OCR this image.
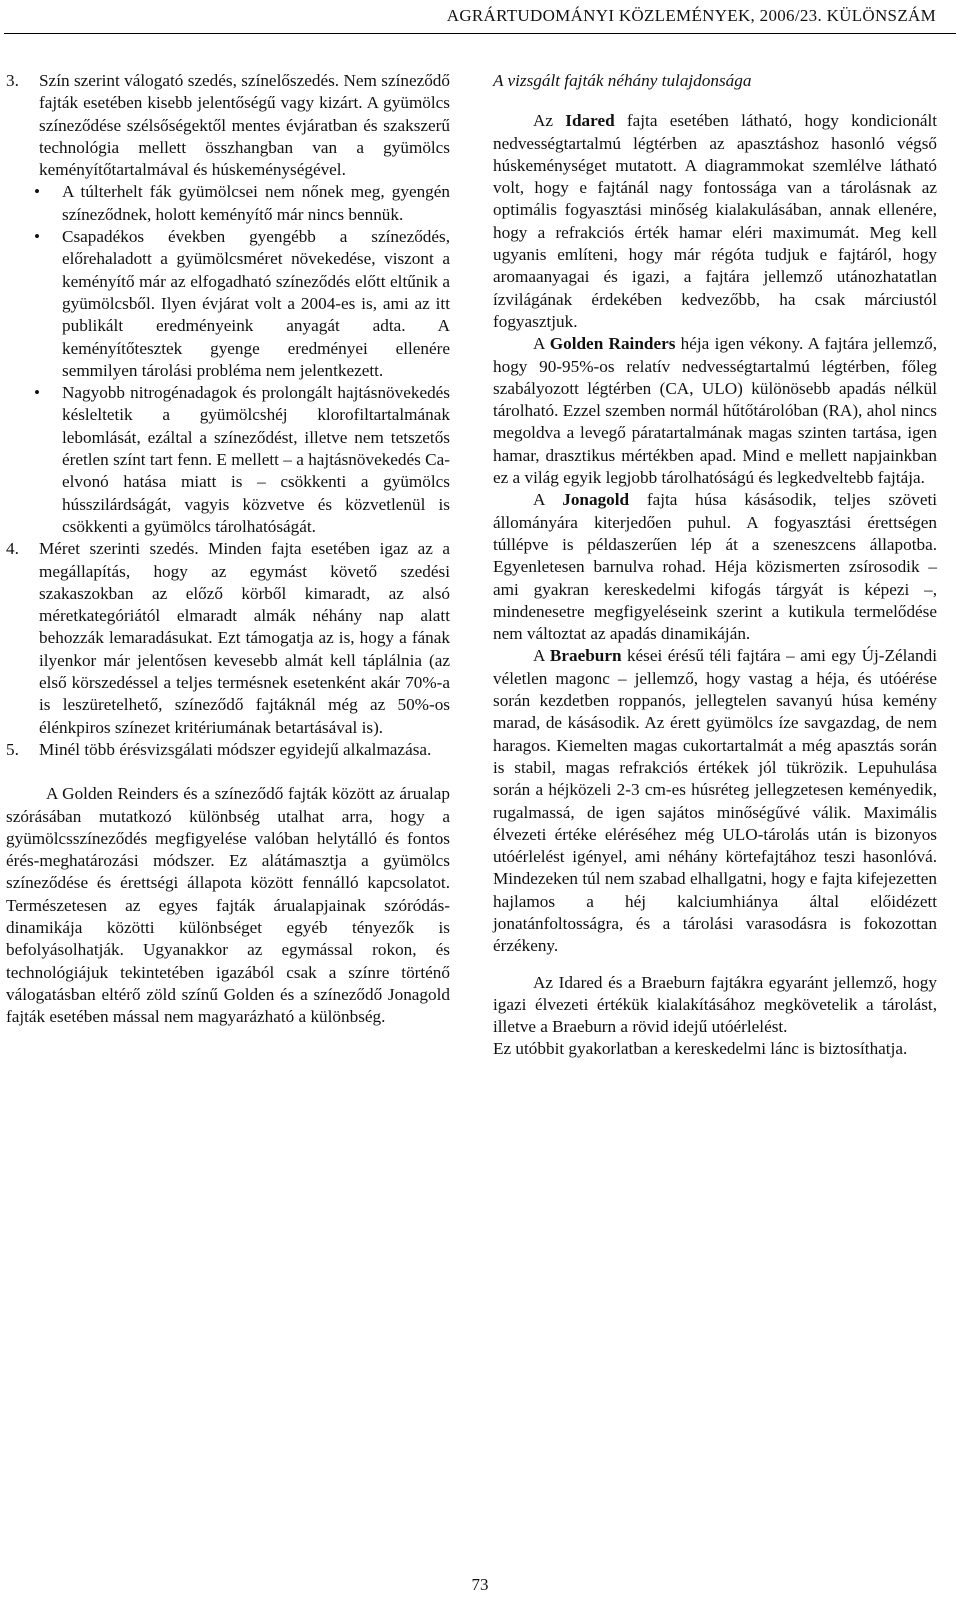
AGRÁRTUDOMÁNYI KÖZLEMÉNYEK, 2006/23. KÜLÖNSZÁM

3. Szín szerint válogató szedés, színelőszedés. Nem színeződő fajták esetében kisebb jelentőségű vagy kizárt. A gyümölcs színeződése szélsőségektől mentes évjáratban és szakszerű technológia mellett összhangban van a gyümölcs keményítőtartalmával és húskeménységével.

• A túlterhelt fák gyümölcsei nem nőnek meg, gyengén színeződnek, holott keményítő már nincs bennük.

• Csapadékos években gyengébb a színeződés, előrehaladott a gyümölcsméret növekedése, viszont a keményítő már az elfogadható színeződés előtt eltűnik a gyümölcsből. Ilyen évjárat volt a 2004-es is, ami az itt publikált eredményeink anyagát adta. A keményítőtesztek gyenge eredményei ellenére semmilyen tárolási probléma nem jelentkezett.

• Nagyobb nitrogénadagok és prolongált hajtásnövekedés késleltetik a gyümölcshéj klorofiltartalmának lebomlását, ezáltal a színeződést, illetve nem tetszetős éretlen színt tart fenn. E mellett – a hajtásnövekedés Ca-elvonó hatása miatt is – csökkenti a gyümölcs hússzilárdságát, vagyis közvetve és közvetlenül is csökkenti a gyümölcs tárolhatóságát.

4. Méret szerinti szedés. Minden fajta esetében igaz az a megállapítás, hogy az egymást követő szedési szakaszokban az előző körből kimaradt, az alsó méretkategóriától elmaradt almák néhány nap alatt behozzák lemaradásukat. Ezt támogatja az is, hogy a fának ilyenkor már jelentősen kevesebb almát kell táplálnia (az első körszedéssel a teljes termésnek esetenként akár 70%-a is leszüretelhető, színeződő fajtáknál még az 50%-os élénkpiros színezet kritériumának betartásával is).

5. Minél több érésvizsgálati módszer egyidejű alkalmazása.

A Golden Reinders és a színeződő fajták között az árualap szórásában mutatkozó különbség utalhat arra, hogy a gyümölcsszíneződés megfigyelése valóban helytálló és fontos érés-meghatározási módszer. Ez alátámasztja a gyümölcs színeződése és érettségi állapota között fennálló kapcsolatot. Természetesen az egyes fajták árualapjainak szóródás-dinamikája közötti különbséget egyéb tényezők is befolyásolhatják. Ugyanakkor az egymással rokon, és technológiájuk tekintetében igazából csak a színre történő válogatásban eltérő zöld színű Golden és a színeződő Jonagold fajták esetében mással nem magyarázható a különbség.

A vizsgált fajták néhány tulajdonsága

Az Idared fajta esetében látható, hogy kondicionált nedvességtartalmú légtérben az apasztáshoz hasonló végső húskeménységet mutatott. A diagrammokat szemlélve látható volt, hogy e fajtánál nagy fontossága van a tárolásnak az optimális fogyasztási minőség kialakulásában, annak ellenére, hogy a refrakciós érték hamar eléri maximumát. Meg kell ugyanis említeni, hogy már régóta tudjuk e fajtáról, hogy aromaanyagai és igazi, a fajtára jellemző utánozhatatlan ízvilágának érdekében kedvezőbb, ha csak márciustól fogyasztjuk.

A Golden Rainders héja igen vékony. A fajtára jellemző, hogy 90-95%-os relatív nedvességtartalmú légtérben, főleg szabályozott légtérben (CA, ULO) különösebb apadás nélkül tárolható. Ezzel szemben normál hűtőtárolóban (RA), ahol nincs megoldva a levegő páratartalmának magas szinten tartása, igen hamar, drasztikus mértékben apad. Mind e mellett napjainkban ez a világ egyik legjobb tárolhatóságú és legkedveltebb fajtája.

A Jonagold fajta húsa kásásodik, teljes szöveti állományára kiterjedően puhul. A fogyasztási érettségen túllépve is példaszerűen lép át a szeneszcens állapotba. Egyenletesen barnulva rohad. Héja közismerten zsírosodik – ami gyakran kereskedelmi kifogás tárgyát is képezi –, mindenesetre megfigyeléseink szerint a kutikula termelődése nem változtat az apadás dinamikáján.

A Braeburn kései érésű téli fajtára – ami egy Új-Zélandi véletlen magonc – jellemző, hogy vastag a héja, és utóérése során kezdetben roppanós, jellegtelen savanyú húsa kemény marad, de kásásodik. Az érett gyümölcs íze savgazdag, de nem haragos. Kiemelten magas cukortartalmát a még apasztás során is stabil, magas refrakciós értékek jól tükrözik. Lepuhulása során a héjközeli 2-3 cm-es húsréteg jellegzetesen keményedik, rugalmassá, de igen sajátos minőségűvé válik. Maximális élvezeti értéke eléréséhez még ULO-tárolás után is bizonyos utóérlelést igényel, ami néhány körtefajtához teszi hasonlóvá. Mindezeken túl nem szabad elhallgatni, hogy e fajta kifejezetten hajlamos a héj kalciumhiánya által előidézett jonatánfoltosságra, és a tárolási varasodásra is fokozottan érzékeny.

Az Idared és a Braeburn fajtákra egyaránt jellemző, hogy igazi élvezeti értékük kialakításához megkövetelik a tárolást, illetve a Braeburn a rövid idejű utóérlelést.

Ez utóbbit gyakorlatban a kereskedelmi lánc is biztosíthatja.

73
